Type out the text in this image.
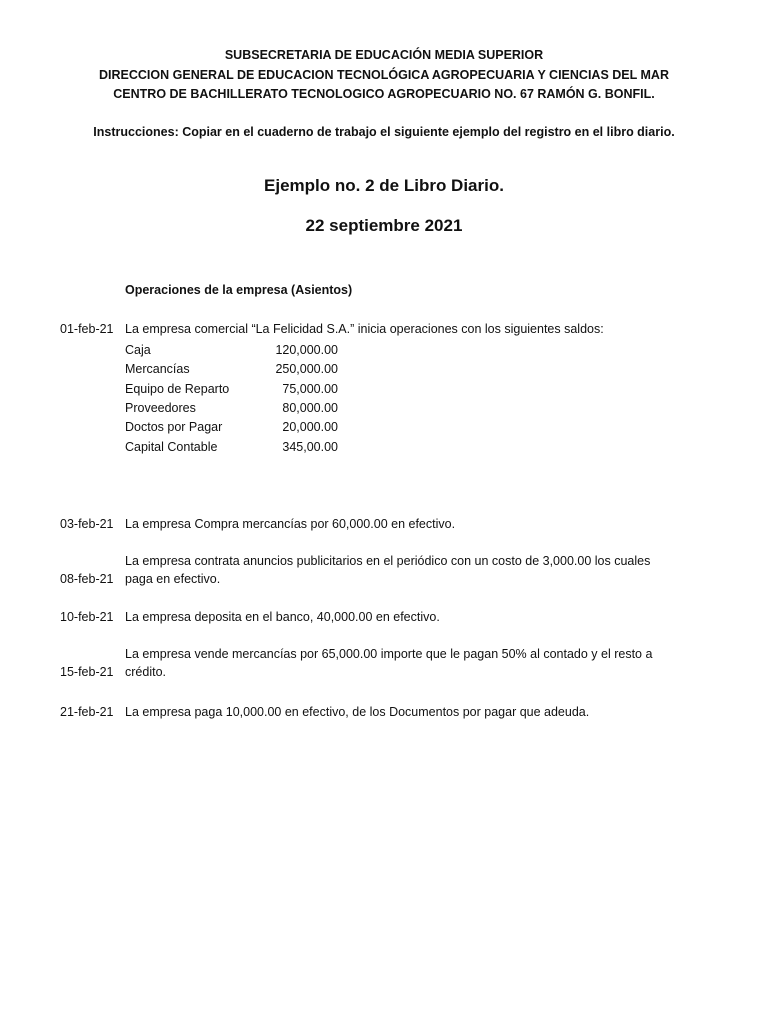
SUBSECRETARIA DE EDUCACIÓN MEDIA SUPERIOR
DIRECCION GENERAL DE EDUCACION TECNOLÓGICA AGROPECUARIA Y CIENCIAS DEL MAR
CENTRO DE BACHILLERATO TECNOLOGICO AGROPECUARIO NO. 67 RAMÓN G. BONFIL.
Instrucciones: Copiar en el cuaderno de trabajo el siguiente ejemplo del registro en el libro diario.
Ejemplo no. 2 de Libro Diario.
22 septiembre 2021
Operaciones de la empresa (Asientos)
01-feb-21 La empresa comercial “La Felicidad S.A.” inicia operaciones con los siguientes saldos:
Caja	120,000.00
Mercancías	250,000.00
Equipo de Reparto	75,000.00
Proveedores	80,000.00
Doctos por Pagar	20,000.00
Capital Contable	345,00.00
03-feb-21 La empresa Compra mercancías por 60,000.00 en efectivo.
08-feb-21
La empresa contrata anuncios publicitarios en el periódico con un costo de 3,000.00 los cuales paga en efectivo.
10-feb-21 La empresa deposita en el banco, 40,000.00 en efectivo.
15-feb-21
La empresa vende mercancías por 65,000.00 importe que le pagan 50% al contado y el resto a crédito.
21-feb-21 La empresa paga 10,000.00 en efectivo, de los Documentos por pagar que adeuda.
